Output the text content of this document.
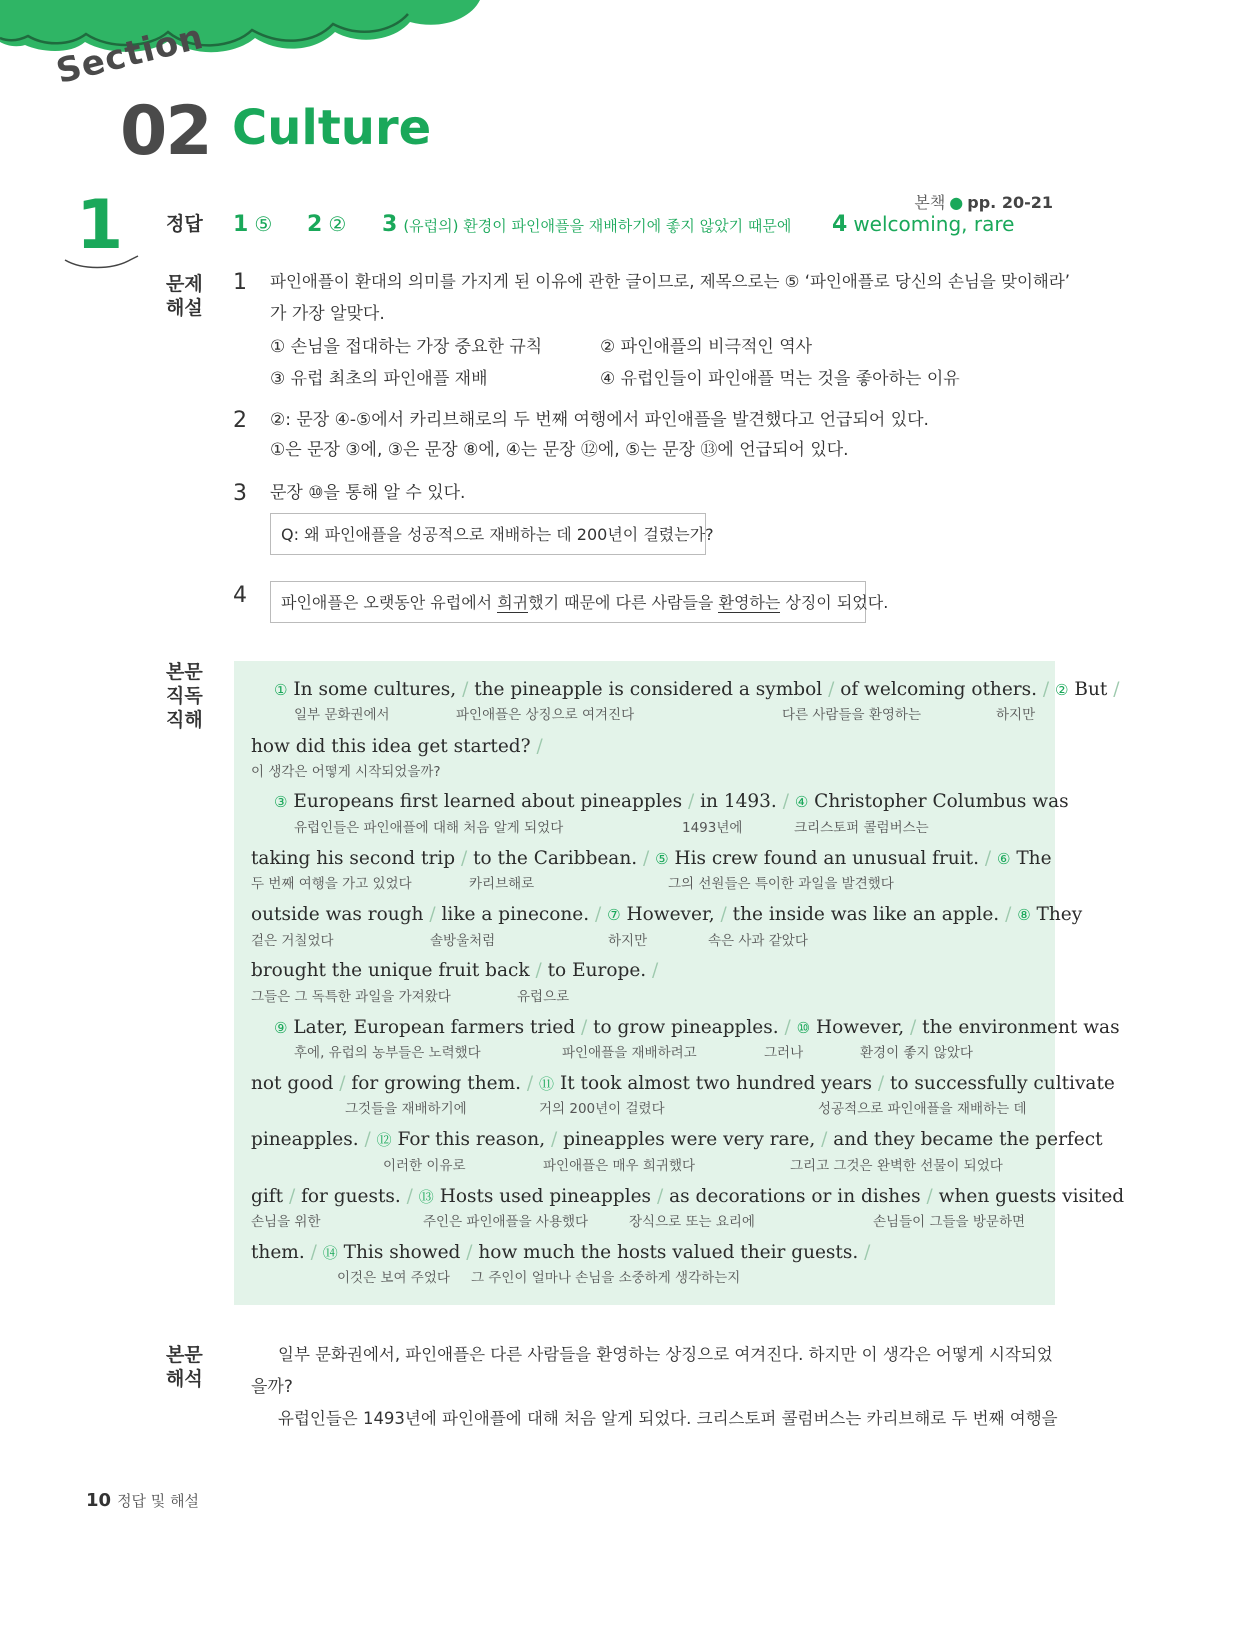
Section
02 Culture
1	본책 ● pp. 20-21
정답 1 ⑤ 2 ② 3 (유럽의) 환경이 파인애플을 재배하기에 좋지 않았기 때문에 4 welcoming, rare
문제
해설
1 파인애플이 환대의 의미를 가지게 된 이유에 관한 글이므로, 제목으로는 ⑤ ‘파인애플로 당신의 손님을 맞이해라’
가 가장 알맞다.
① 손님을 접대하는 가장 중요한 규칙	② 파인애플의 비극적인 역사
③ 유럽 최초의 파인애플 재배	④ 유럽인들이 파인애플 먹는 것을 좋아하는 이유
2 ②: 문장 ④-⑤에서 카리브해로의 두 번째 여행에서 파인애플을 발견했다고 언급되어 있다.
①은 문장 ③에, ③은 문장 ⑧에, ④는 문장 ⑫에, ⑤는 문장 ⑬에 언급되어 있다.
3 문장 ⑩을 통해 알 수 있다.
Q: 왜 파인애플을 성공적으로 재배하는 데 200년이 걸렸는가?
4	파인애플은 오랫동안 유럽에서 희귀했기 때문에 다른 사람들을 환영하는 상징이 되었다.
본문
직독
직해
① In some cultures, / the pineapple is considered a symbol / of welcoming others. / ② But /
일부 문화권에서	파인애플은 상징으로 여겨진다	다른 사람들을 환영하는	하지만
how did this idea get started? /
이 생각은 어떻게 시작되었을까?
③ Europeans first learned about pineapples / in 1493. / ④ Christopher Columbus was
유럽인들은 파인애플에 대해 처음 알게 되었다	1493년에	크리스토퍼 콜럼버스는
taking his second trip / to the Caribbean. / ⑤ His crew found an unusual fruit. / ⑥ The
두 번째 여행을 가고 있었다	카리브해로	그의 선원들은 특이한 과일을 발견했다
outside was rough / like a pinecone. / ⑦ However, / the inside was like an apple. / ⑧ They
겉은 거칠었다	솔방울처럼	하지만	속은 사과 같았다
brought the unique fruit back / to Europe. /
그들은 그 독특한 과일을 가져왔다	유럽으로
⑨ Later, European farmers tried / to grow pineapples. / ⑩ However, / the environment was
후에, 유럽의 농부들은 노력했다	파인애플을 재배하려고	그러나	환경이 좋지 않았다
not good / for growing them. / ⑪ It took almost two hundred years / to successfully cultivate
그것들을 재배하기에	거의 200년이 걸렸다	성공적으로 파인애플을 재배하는 데
pineapples. / ⑫ For this reason, / pineapples were very rare, / and they became the perfect
이러한 이유로	파인애플은 매우 희귀했다	그리고 그것은 완벽한 선물이 되었다
gift / for guests. / ⑬ Hosts used pineapples / as decorations or in dishes / when guests visited
손님을 위한	주인은 파인애플을 사용했다	장식으로 또는 요리에	손님들이 그들을 방문하면
them. / ⑭ This showed / how much the hosts valued their guests. /
이것은 보여 주었다 그 주인이 얼마나 손님을 소중하게 생각하는지
본문
해석
일부 문화권에서, 파인애플은 다른 사람들을 환영하는 상징으로 여겨진다. 하지만 이 생각은 어떻게 시작되었
을까?
유럽인들은 1493년에 파인애플에 대해 처음 알게 되었다. 크리스토퍼 콜럼버스는 카리브해로 두 번째 여행을
10 정답 및 해설
